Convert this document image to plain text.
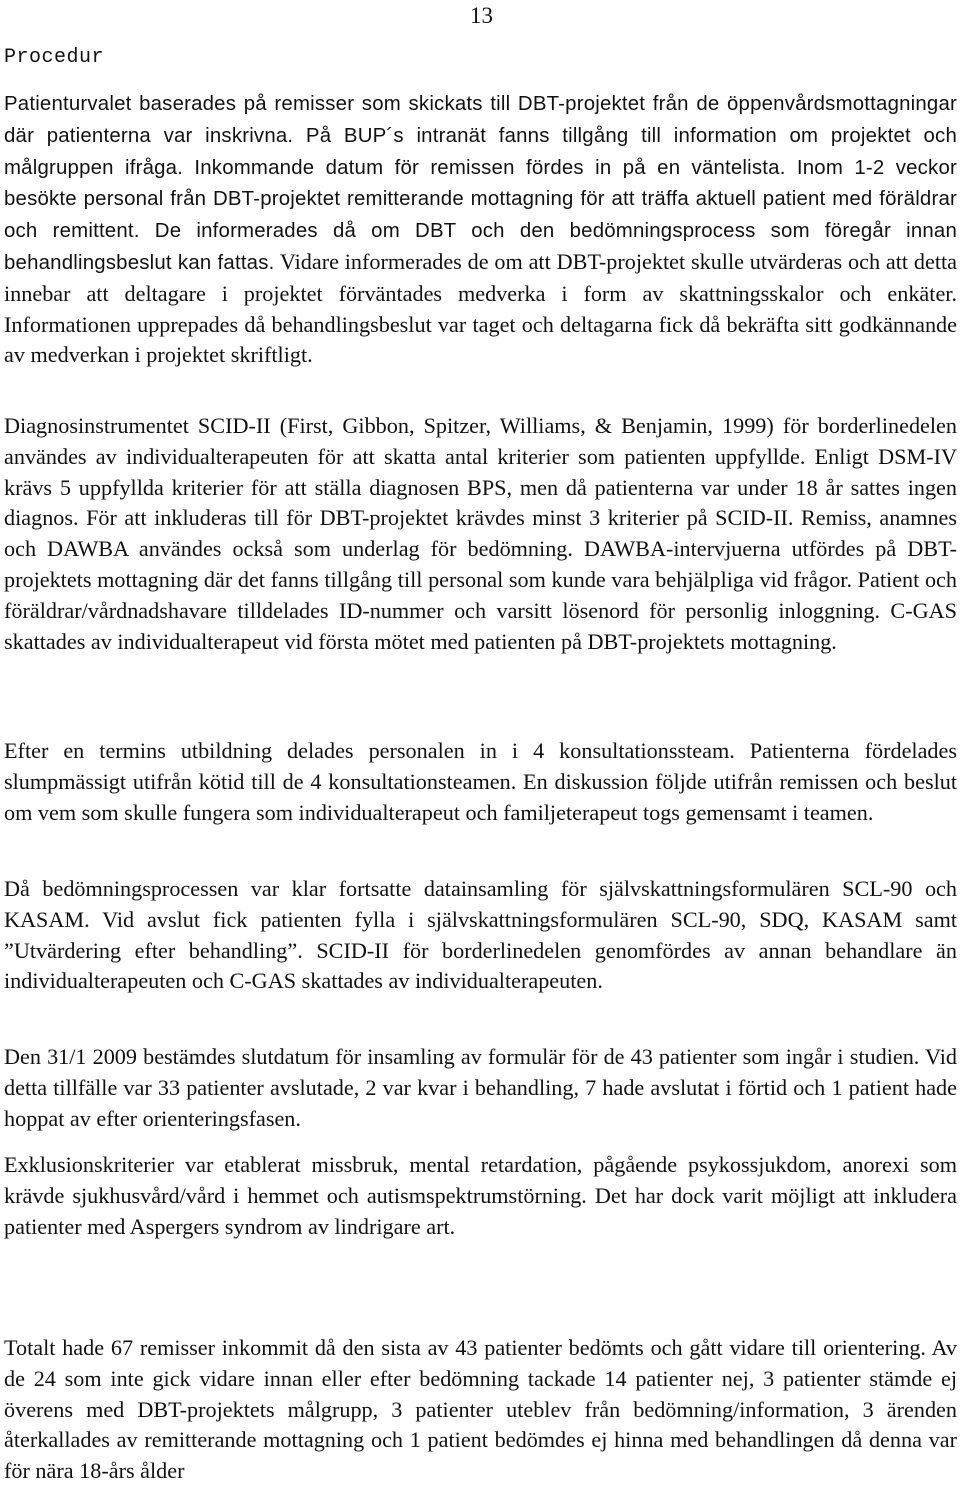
13
Procedur
Patienturvalet baserades på remisser som skickats till DBT-projektet från de öppenvårdsmottagningar där patienterna var inskrivna. På BUP´s intranät fanns tillgång till information om projektet och målgruppen ifråga. Inkommande datum för remissen fördes in på en väntelista. Inom 1-2 veckor besökte personal från DBT-projektet remitterande mottagning för att träffa aktuell patient med föräldrar och remittent. De informerades då om DBT och den bedömningsprocess som föregår innan behandlingsbeslut kan fattas. Vidare informerades de om att DBT-projektet skulle utvärderas och att detta innebar att deltagare i projektet förväntades medverka i form av skattningsskalor och enkäter. Informationen upprepades då behandlingsbeslut var taget och deltagarna fick då bekräfta sitt godkännande av medverkan i projektet skriftligt.
Diagnosinstrumentet SCID-II (First, Gibbon, Spitzer, Williams, & Benjamin, 1999) för borderlinedelen användes av individualterapeuten för att skatta antal kriterier som patienten uppfyllde. Enligt DSM-IV krävs 5 uppfyllda kriterier för att ställa diagnosen BPS, men då patienterna var under 18 år sattes ingen diagnos. För att inkluderas till för DBT-projektet krävdes minst 3 kriterier på SCID-II. Remiss, anamnes och DAWBA användes också som underlag för bedömning. DAWBA-intervjuerna utfördes på DBT-projektets mottagning där det fanns tillgång till personal som kunde vara behjälpliga vid frågor. Patient och föräldrar/vårdnadshavare tilldelades ID-nummer och varsitt lösenord för personlig inloggning. C-GAS skattades av individualterapeut vid första mötet med patienten på DBT-projektets mottagning.
Efter en termins utbildning delades personalen in i 4 konsultationssteam. Patienterna fördelades slumpmässigt utifrån kötid till de 4 konsultationsteamen. En diskussion följde utifrån remissen och beslut om vem som skulle fungera som individualterapeut och familjeterapeut togs gemensamt i teamen.
Då bedömningsprocessen var klar fortsatte datainsamling för självskattningsformulären SCL-90 och KASAM. Vid avslut fick patienten fylla i självskattningsformulären SCL-90, SDQ, KASAM samt ”Utvärdering efter behandling”. SCID-II för borderlinedelen genomfördes av annan behandlare än individualterapeuten och C-GAS skattades av individualterapeuten.
Den 31/1 2009 bestämdes slutdatum för insamling av formulär för de 43 patienter som ingår i studien. Vid detta tillfälle var 33 patienter avslutade, 2 var kvar i behandling, 7 hade avslutat i förtid och 1 patient hade hoppat av efter orienteringsfasen.
Exklusionskriterier var etablerat missbruk, mental retardation, pågående psykossjukdom, anorexi som krävde sjukhusvård/vård i hemmet och autismspektrumstörning. Det har dock varit möjligt att inkludera patienter med Aspergers syndrom av lindrigare art.
Totalt hade 67 remisser inkommit då den sista av 43 patienter bedömts och gått vidare till orientering. Av de 24 som inte gick vidare innan eller efter bedömning tackade 14 patienter nej, 3 patienter stämde ej överens med DBT-projektets målgrupp, 3 patienter uteblev från bedömning/information, 3 ärenden återkallades av remitterande mottagning och 1 patient bedömdes ej hinna med behandlingen då denna var för nära 18-års ålder
